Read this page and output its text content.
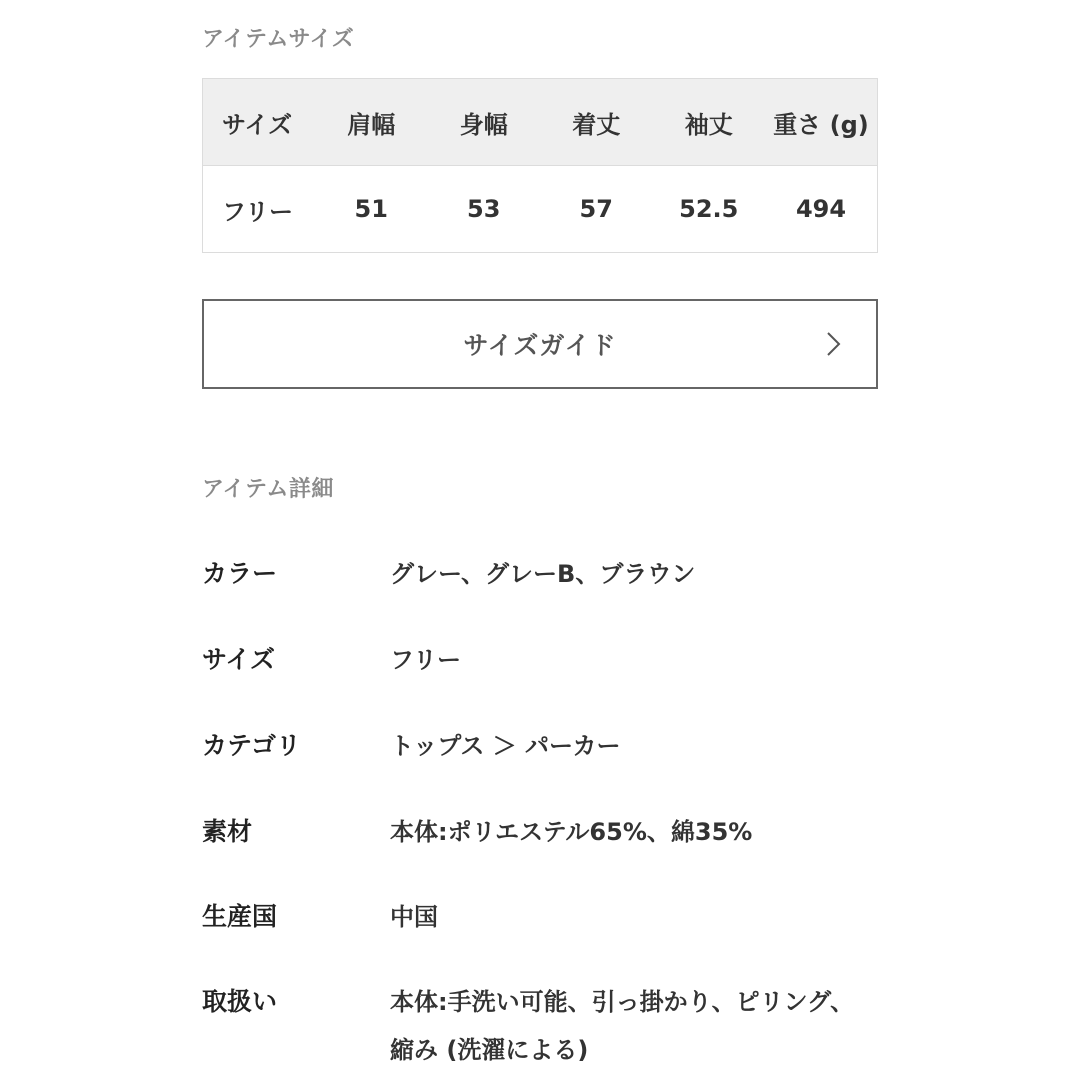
アイテムサイズ
サイズ	肩幅	身幅	着丈	袖丈	重さ (g)
フリー	51	53	57	52.5	494
サイズガイド
アイテム詳細
カラー	グレー、グレーB、ブラウン
サイズ	フリー
カテゴリ	トップス ＞ パーカー
素材	本体:ポリエステル65%、綿35%
生産国	中国
取扱い	本体:手洗い可能、引っ掛かり、ピリング、縮み (洗濯による)
